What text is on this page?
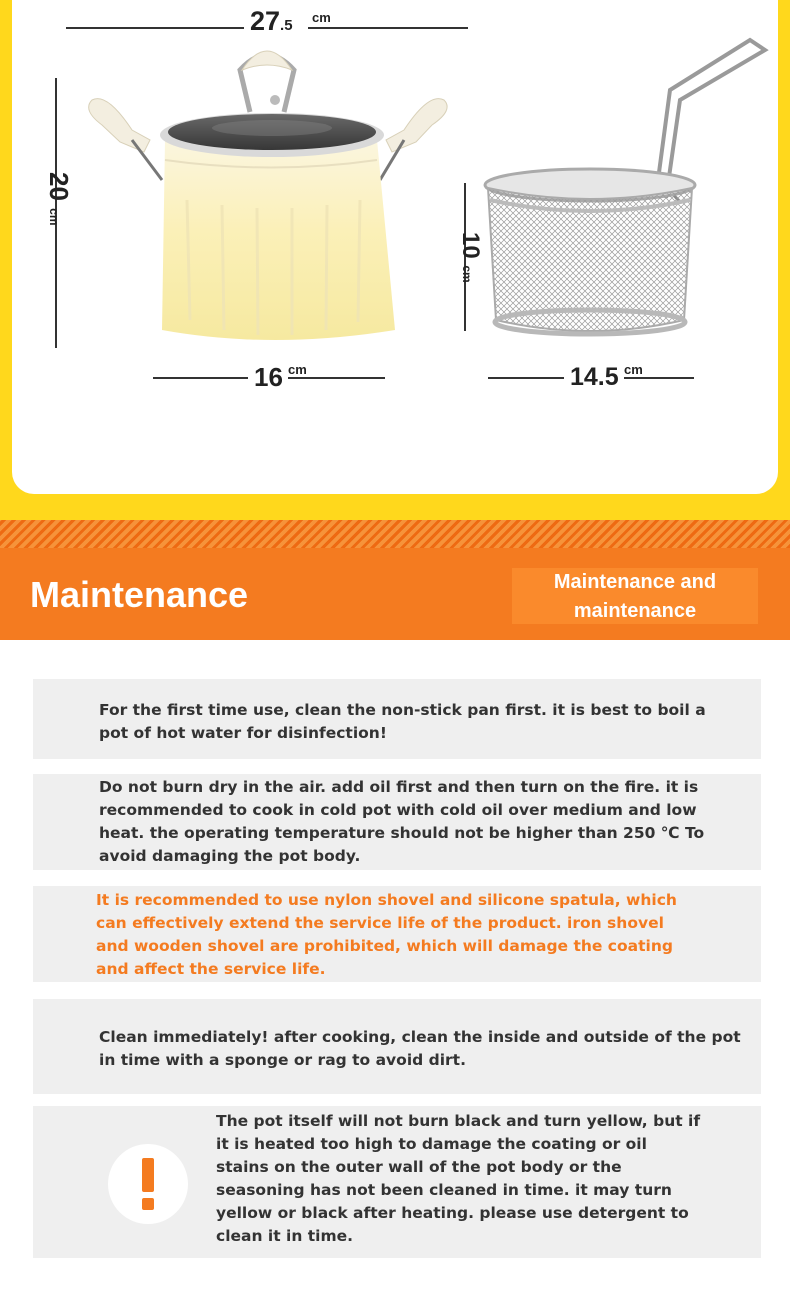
27.5 cm
20 cm
16 cm
10 cm
14.5 cm
Maintenance	Maintenance and
maintenance

For the first time use, clean the non-stick pan first. it is best to boil a
pot of hot water for disinfection!

Do not burn dry in the air. add oil first and then turn on the fire. it is
recommended to cook in cold pot with cold oil over medium and low
heat. the operating temperature should not be higher than 250 ℃ To
avoid damaging the pot body.

It is recommended to use nylon shovel and silicone spatula, which
can effectively extend the service life of the product. iron shovel
and wooden shovel are prohibited, which will damage the coating
and affect the service life.

Clean immediately! after cooking, clean the inside and outside of the pot
in time with a sponge or rag to avoid dirt.

The pot itself will not burn black and turn yellow, but if
it is heated too high to damage the coating or oil
stains on the outer wall of the pot body or the
seasoning has not been cleaned in time. it may turn
yellow or black after heating. please use detergent to
clean it in time.
